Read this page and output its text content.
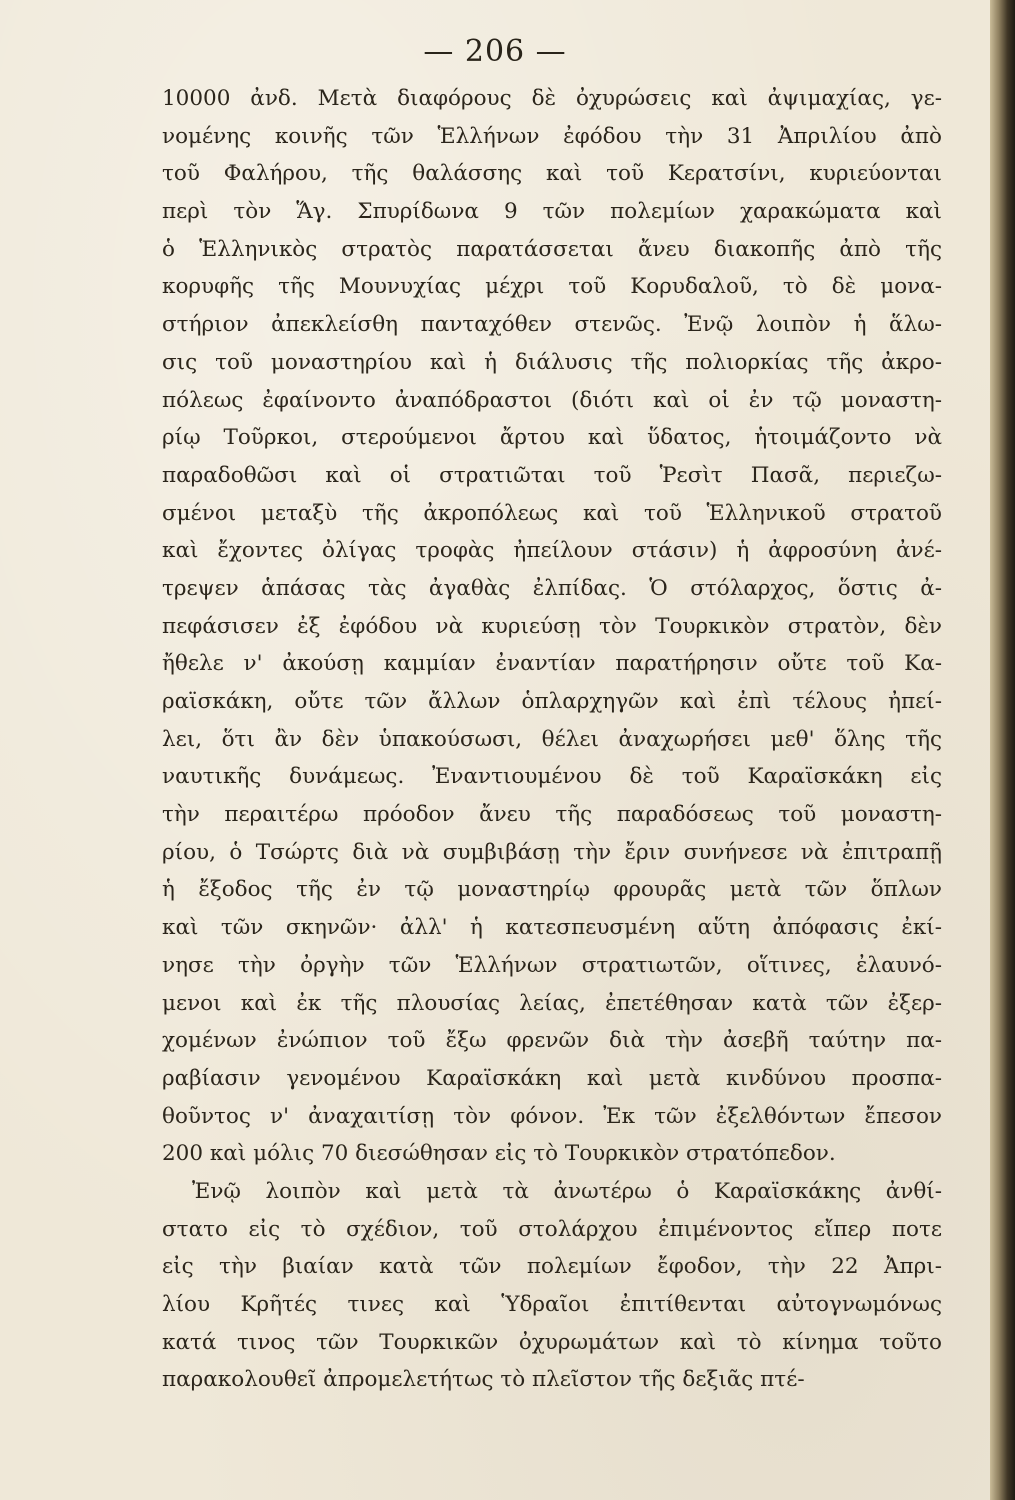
— 206 —
10000 ἀνδ. Μετὰ διαφόρους δὲ ὀχυρώσεις καὶ ἀψιμαχίας, γε-
νομένης κοινῆς τῶν Ἑλλήνων ἐφόδου τὴν 31 Ἀπριλίου ἀπὸ
τοῦ Φαλήρου, τῆς θαλάσσης καὶ τοῦ Κερατσίνι, κυριεύονται
περὶ τὸν Ἅγ. Σπυρίδωνα 9 τῶν πολεμίων χαρακώματα καὶ
ὁ Ἑλληνικὸς στρατὸς παρατάσσεται ἄνευ διακοπῆς ἀπὸ τῆς
κορυφῆς τῆς Μουνυχίας μέχρι τοῦ Κορυδαλοῦ, τὸ δὲ μονα-
στήριον ἀπεκλείσθη πανταχόθεν στενῶς. Ἐνῷ λοιπὸν ἡ ἅλω-
σις τοῦ μοναστηρίου καὶ ἡ διάλυσις τῆς πολιορκίας τῆς ἀκρο-
πόλεως ἐφαίνοντο ἀναπόδραστοι (διότι καὶ οἱ ἐν τῷ μοναστη-
ρίῳ Τοῦρκοι, στερούμενοι ἄρτου καὶ ὕδατος, ἡτοιμάζοντο νὰ
παραδοθῶσι καὶ οἱ στρατιῶται τοῦ Ῥεσὶτ Πασᾶ, περιεζω-
σμένοι μεταξὺ τῆς ἀκροπόλεως καὶ τοῦ Ἑλληνικοῦ στρατοῦ
καὶ ἔχοντες ὀλίγας τροφὰς ἠπείλουν στάσιν) ἡ ἀφροσύνη ἀνέ-
τρεψεν ἁπάσας τὰς ἀγαθὰς ἐλπίδας. Ὁ στόλαρχος, ὅστις ἀ-
πεφάσισεν ἐξ ἐφόδου νὰ κυριεύσῃ τὸν Τουρκικὸν στρατὸν, δὲν
ἤθελε ν' ἀκούσῃ καμμίαν ἐναντίαν παρατήρησιν οὔτε τοῦ Κα-
ραϊσκάκη, οὔτε τῶν ἄλλων ὁπλαρχηγῶν καὶ ἐπὶ τέλους ἠπεί-
λει, ὅτι ἂν δὲν ὑπακούσωσι, θέλει ἀναχωρήσει μεθ' ὅλης τῆς
ναυτικῆς δυνάμεως. Ἐναντιουμένου δὲ τοῦ Καραϊσκάκη εἰς
τὴν περαιτέρω πρόοδον ἄνευ τῆς παραδόσεως τοῦ μοναστη-
ρίου, ὁ Τσώρτς διὰ νὰ συμβιβάσῃ τὴν ἔριν συνήνεσε νὰ ἐπιτραπῇ
ἡ ἔξοδος τῆς ἐν τῷ μοναστηρίῳ φρουρᾶς μετὰ τῶν ὅπλων
καὶ τῶν σκηνῶν· ἀλλ' ἡ κατεσπευσμένη αὕτη ἀπόφασις ἐκί-
νησε τὴν ὀργὴν τῶν Ἑλλήνων στρατιωτῶν, οἵτινες, ἐλαυνό-
μενοι καὶ ἐκ τῆς πλουσίας λείας, ἐπετέθησαν κατὰ τῶν ἐξερ-
χομένων ἐνώπιον τοῦ ἔξω φρενῶν διὰ τὴν ἀσεβῆ ταύτην πα-
ραβίασιν γενομένου Καραϊσκάκη καὶ μετὰ κινδύνου προσπα-
θοῦντος ν' ἀναχαιτίσῃ τὸν φόνον. Ἐκ τῶν ἐξελθόντων ἔπεσον
200 καὶ μόλις 70 διεσώθησαν εἰς τὸ Τουρκικὸν στρατόπεδον.
Ἐνῷ λοιπὸν καὶ μετὰ τὰ ἀνωτέρω ὁ Καραϊσκάκης ἀνθί-
στατο εἰς τὸ σχέδιον, τοῦ στολάρχου ἐπιμένοντος εἴπερ ποτε
εἰς τὴν βιαίαν κατὰ τῶν πολεμίων ἔφοδον, τὴν 22 Ἀπρι-
λίου Κρῆτές τινες καὶ Ὑδραῖοι ἐπιτίθενται αὐτογνωμόνως
κατά τινος τῶν Τουρκικῶν ὀχυρωμάτων καὶ τὸ κίνημα τοῦτο
παρακολουθεῖ ἀπρομελετήτως τὸ πλεῖστον τῆς δεξιᾶς πτέ-
